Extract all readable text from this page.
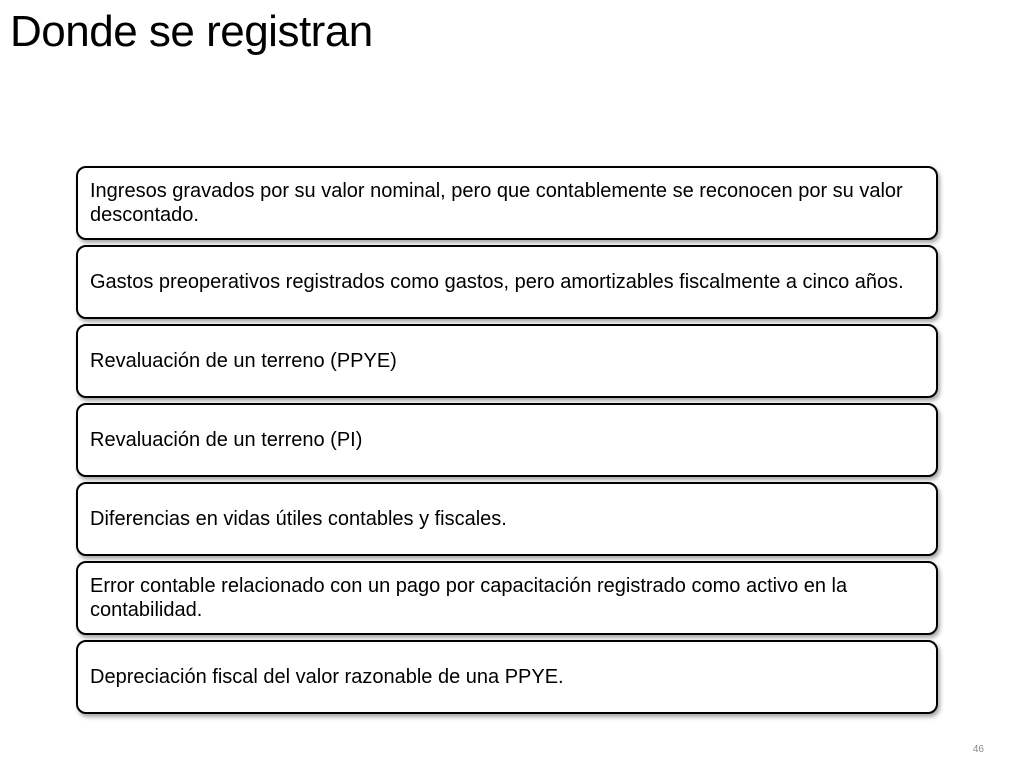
Donde se registran
Ingresos gravados por su valor nominal, pero que contablemente se reconocen por su valor descontado.
Gastos preoperativos registrados como gastos, pero amortizables fiscalmente a cinco años.
Revaluación de un terreno (PPYE)
Revaluación de un terreno (PI)
Diferencias en vidas útiles contables y fiscales.
Error contable relacionado con un pago por capacitación registrado como activo en la contabilidad.
Depreciación fiscal del valor razonable de una PPYE.
46
